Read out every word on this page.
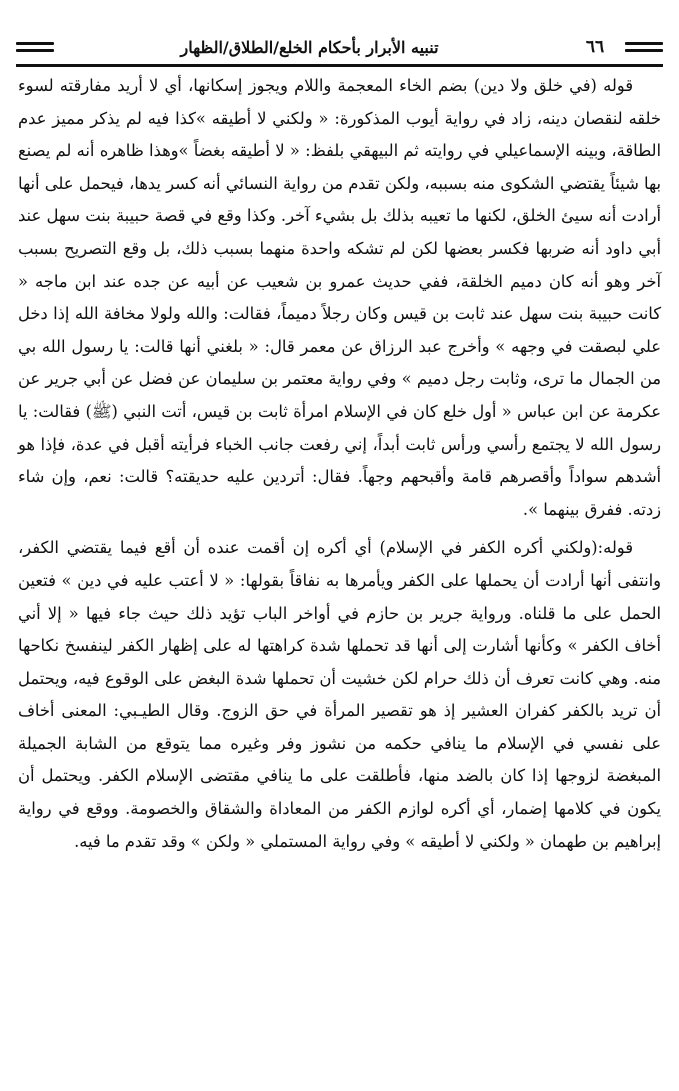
تنبيه الأبرار بأحكام الخلع/الطلاق/الظهار	٦٦

قوله (في خلق ولا دين) بضم الخاء المعجمة واللام ويجوز إسكانها، أي لا أريد مفارقته لسوء خلقه لنقصان دينه، زاد في رواية أيوب المذكورة: « ولكني لا أطيقه »كذا فيه لم يذكر مميز عدم الطاقة، وبينه الإسماعيلي في روايته ثم البيهقي بلفظ: « لا أطيقه بغضاً »وهذا ظاهره أنه لم يصنع بها شيئاً يقتضي الشكوى منه بسببه، ولكن تقدم من رواية النسائي أنه كسر يدها، فيحمل على أنها أرادت أنه سيئ الخلق، لكنها ما تعيبه بذلك بل بشيء آخر. وكذا وقع في قصة حبيبة بنت سهل عند أبي داود أنه ضربها فكسر بعضها لكن لم تشكه واحدة منهما بسبب ذلك، بل وقع التصريح بسبب آخر وهو أنه كان دميم الخلقة، ففي حديث عمرو بن شعيب عن أبيه عن جده عند ابن ماجه « كانت حبيبة بنت سهل عند ثابت بن قيس وكان رجلاً دميماً، فقالت: والله ولولا مخافة الله إذا دخل علي لبصقت في وجهه » وأخرج عبد الرزاق عن معمر قال: « بلغني أنها قالت: يا رسول الله بي من الجمال ما ترى، وثابت رجل دميم » وفي رواية معتمر بن سليمان عن فضل عن أبي جرير عن عكرمة عن ابن عباس « أول خلع كان في الإسلام امرأة ثابت بن قيس، أتت النبي (ﷺ) فقالت: يا رسول الله لا يجتمع رأسي ورأس ثابت أبداً، إني رفعت جانب الخباء فرأيته أقبل في عدة، فإذا هو أشدهم سواداً وأقصرهم قامة وأقبحهم وجهاً. فقال: أتردين عليه حديقته؟ قالت: نعم، وإن شاء زدته. ففرق بينهما ».

قوله:(ولكني أكره الكفر في الإسلام) أي أكره إن أقمت عنده أن أقع فيما يقتضي الكفر، وانتفى أنها أرادت أن يحملها على الكفر ويأمرها به نفاقاً بقولها: « لا أعتب عليه في دين » فتعين الحمل على ما قلناه. ورواية جرير بن حازم في أواخر الباب تؤيد ذلك حيث جاء فيها « إلا أني أخاف الكفر » وكأنها أشارت إلى أنها قد تحملها شدة كراهتها له على إظهار الكفر لينفسخ نكاحها منه. وهي كانت تعرف أن ذلك حرام لكن خشيت أن تحملها شدة البغض على الوقوع فيه، ويحتمل أن تريد بالكفر كفران العشير إذ هو تقصير المرأة في حق الزوج. وقال الطيـبي: المعنى أخاف على نفسي في الإسلام ما ينافي حكمه من نشوز وفر وغيره مما يتوقع من الشابة الجميلة المبغضة لزوجها إذا كان بالضد منها، فأطلقت على ما ينافي مقتضى الإسلام الكفر. ويحتمل أن يكون في كلامها إضمار، أي أكره لوازم الكفر من المعاداة والشقاق والخصومة. ووقع في رواية إبراهيم بن طهمان « ولكني لا أطيقه » وفي رواية المستملي « ولكن » وقد تقدم ما فيه.
